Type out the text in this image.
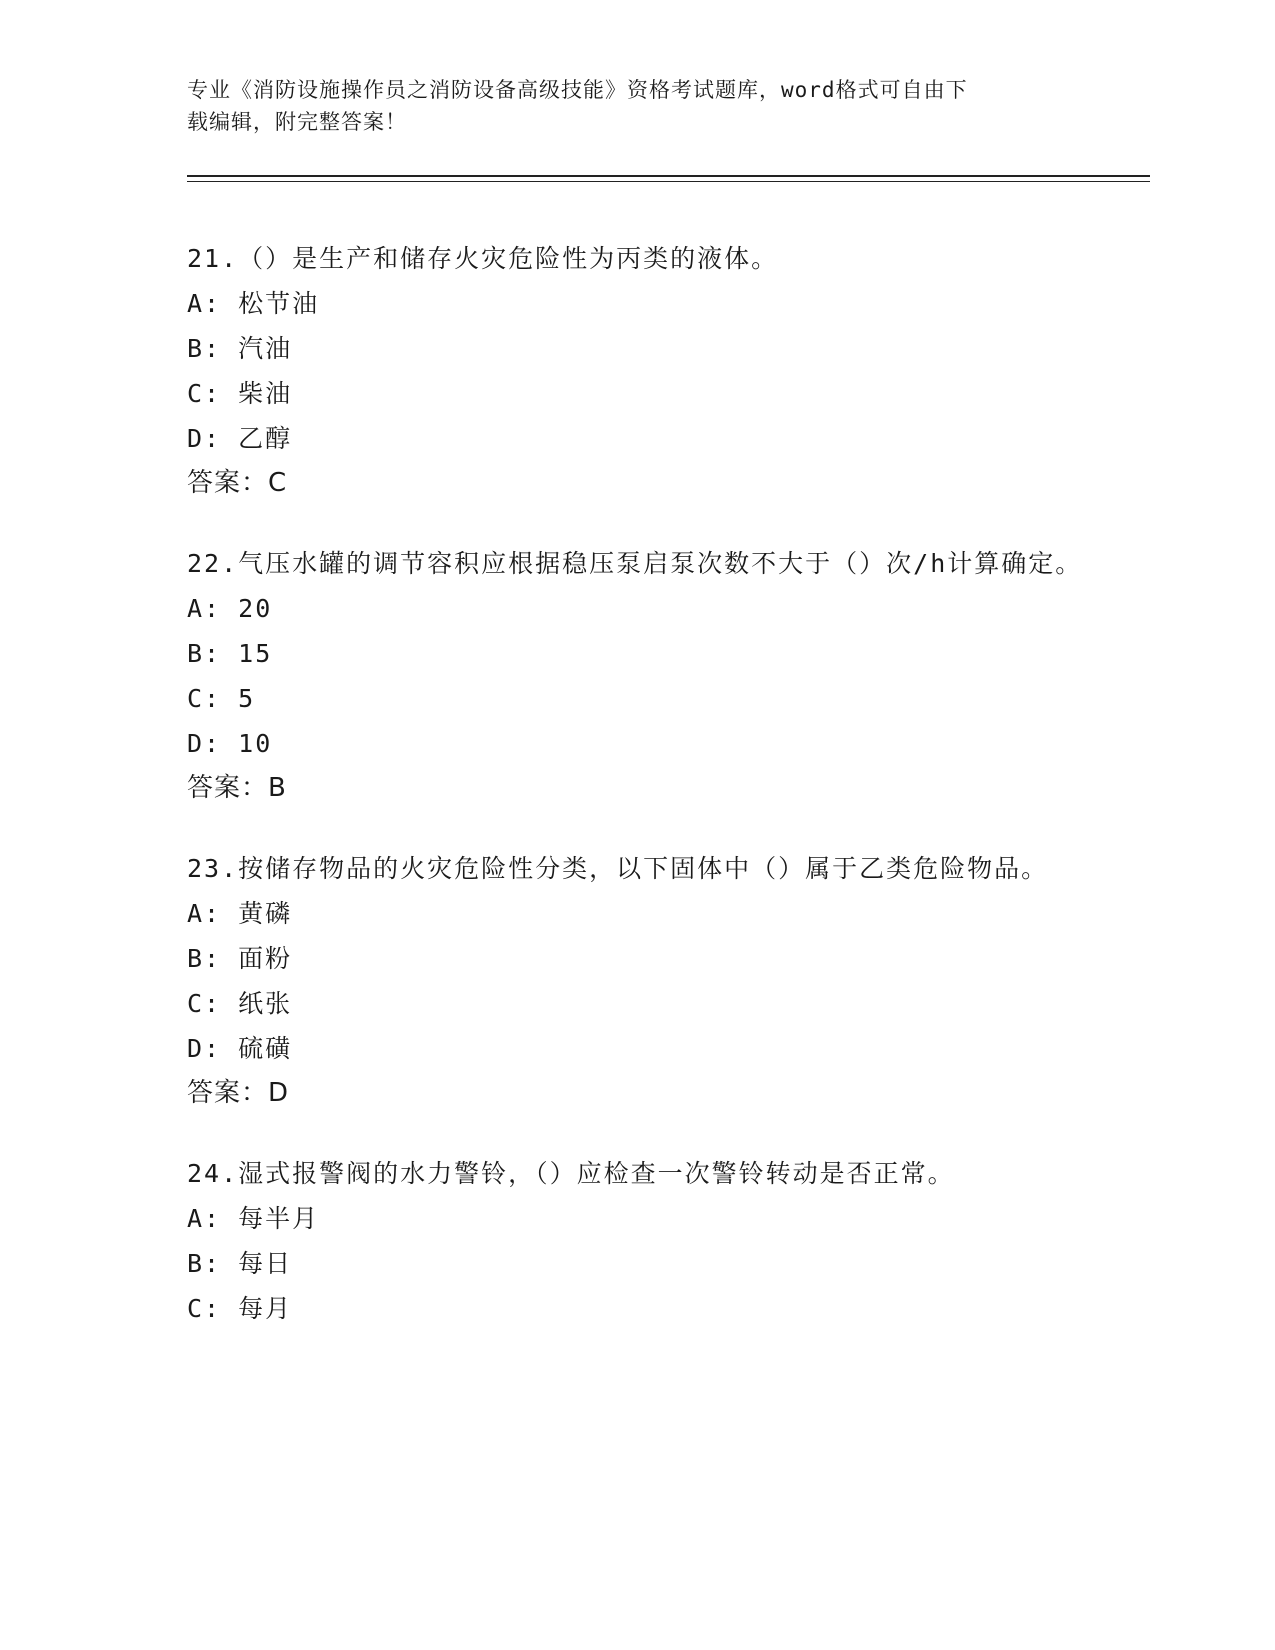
专业《消防设施操作员之消防设备高级技能》资格考试题库，word格式可自由下
载编辑，附完整答案！
21.（）是生产和储存火灾危险性为丙类的液体。
A: 松节油
B: 汽油
C: 柴油
D: 乙醇
答案：C
22.气压水罐的调节容积应根据稳压泵启泵次数不大于（）次/h计算确定。
A: 20
B: 15
C: 5
D: 10
答案：B
23.按储存物品的火灾危险性分类，以下固体中（）属于乙类危险物品。
A: 黄磷
B: 面粉
C: 纸张
D: 硫磺
答案：D
24.湿式报警阀的水力警铃，（）应检查一次警铃转动是否正常。
A: 每半月
B: 每日
C: 每月
